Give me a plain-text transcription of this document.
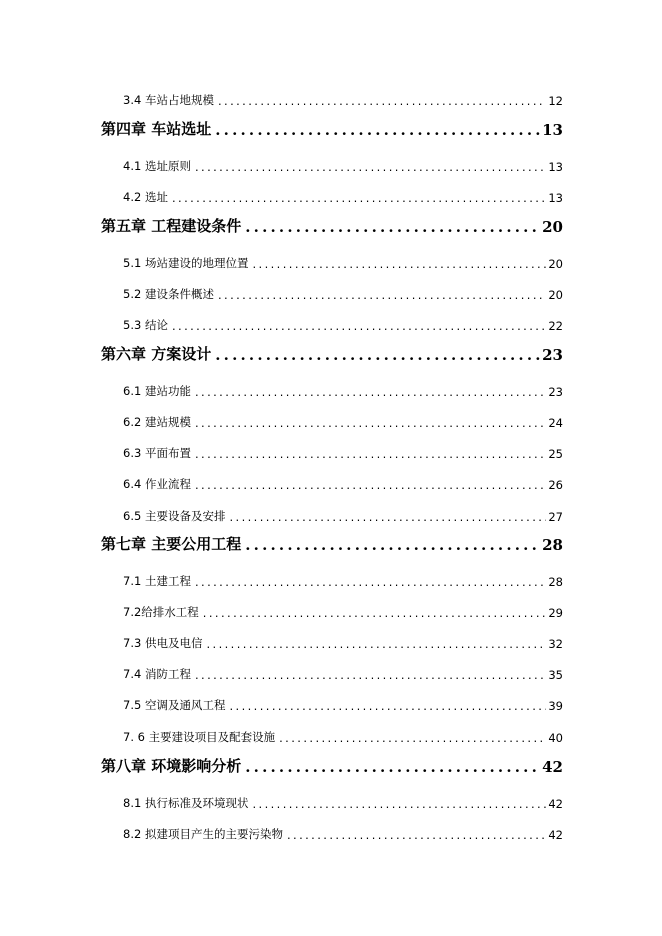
3.4 车站占地规模 .....	12
第四章 车站选址 .....	13
4.1 选址原则 .....	13
4.2 选址 .....	13
第五章 工程建设条件 .....	20
5.1 场站建设的地理位置 .....	20
5.2 建设条件概述 .....	20
5.3 结论 .....	22
第六章 方案设计 .....	23
6.1 建站功能 .....	23
6.2 建站规模 .....	24
6.3 平面布置 .....	25
6.4 作业流程 .....	26
6.5 主要设备及安排 .....	27
第七章 主要公用工程 .....	28
7.1 土建工程 .....	28
7.2给排水工程 .....	29
7.3 供电及电信 .....	32
7.4 消防工程 .....	35
7.5 空调及通风工程 .....	39
7. 6 主要建设项目及配套设施 .....	40
第八章 环境影响分析 .....	42
8.1 执行标准及环境现状 .....	42
8.2 拟建项目产生的主要污染物 .....	42
